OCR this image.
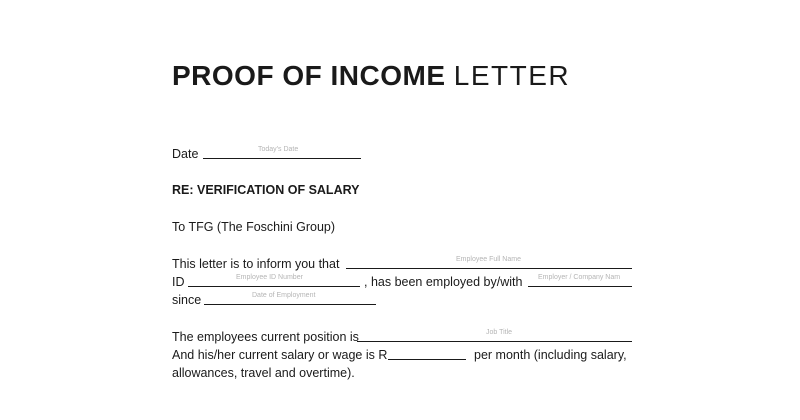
PROOF OF INCOME LETTER
Date	Today's Date
RE: VERIFICATION OF SALARY
To TFG (The Foschini Group)
This letter is to inform you that	Employee Full Name
ID	Employee ID Number	, has been employed by/with Employer / Company Nam
since	Date of Employment
The employees current position is	Job Title
And his/her current salary or wage is R	per month (including salary,
allowances, travel and overtime).
